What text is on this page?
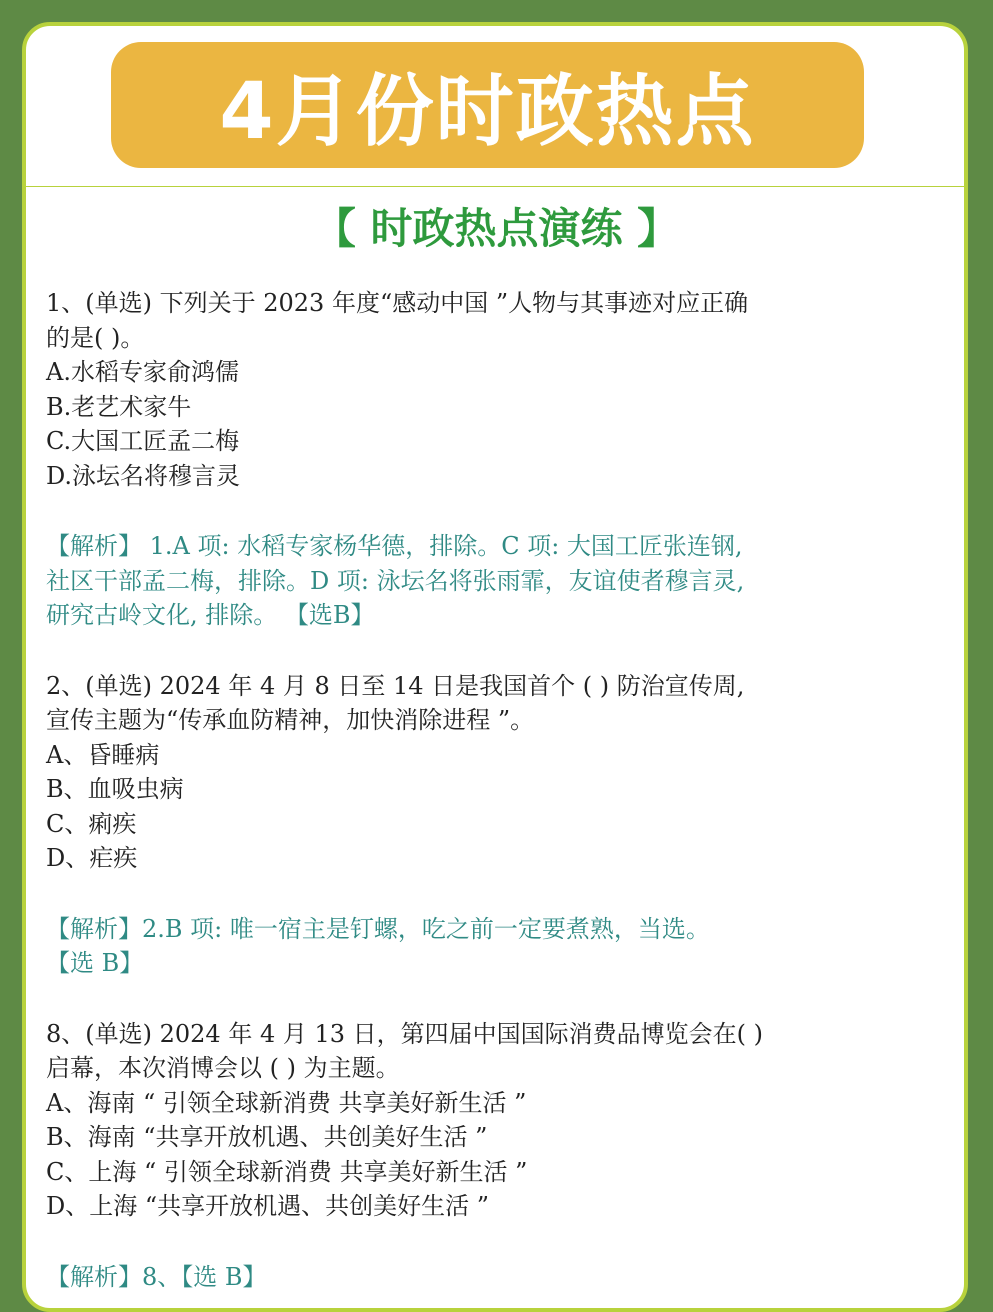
4月份时政热点
【 时政热点演练 】
1、(单选) 下列关于 2023 年度“感动中国 ”人物与其事迹对应正确
的是( )。
A.水稻专家俞鸿儒
B.老艺术家牛
C.大国工匠孟二梅
D.泳坛名将穆言灵
【解析】 1.A 项: 水稻专家杨华德，排除。C 项: 大国工匠张连钢,
社区干部孟二梅，排除。D 项: 泳坛名将张雨霏，友谊使者穆言灵,
研究古岭文化, 排除。 【选B】
2、(单选) 2024 年 4 月 8 日至 14 日是我国首个 ( ) 防治宣传周,
宣传主题为“传承血防精神，加快消除进程 ”。
A、昏睡病
B、血吸虫病
C、痢疾
D、疟疾
【解析】2.B 项: 唯一宿主是钉螺，吃之前一定要煮熟，当选。
【选 B】
8、(单选) 2024 年 4 月 13 日，第四届中国国际消费品博览会在( )
启幕，本次消博会以 ( ) 为主题。
A、海南 “ 引领全球新消费 共享美好新生活 ”
B、海南 “共享开放机遇、共创美好生活 ”
C、上海 “ 引领全球新消费 共享美好新生活 ”
D、上海 “共享开放机遇、共创美好生活 ”
【解析】8、【选 B】
